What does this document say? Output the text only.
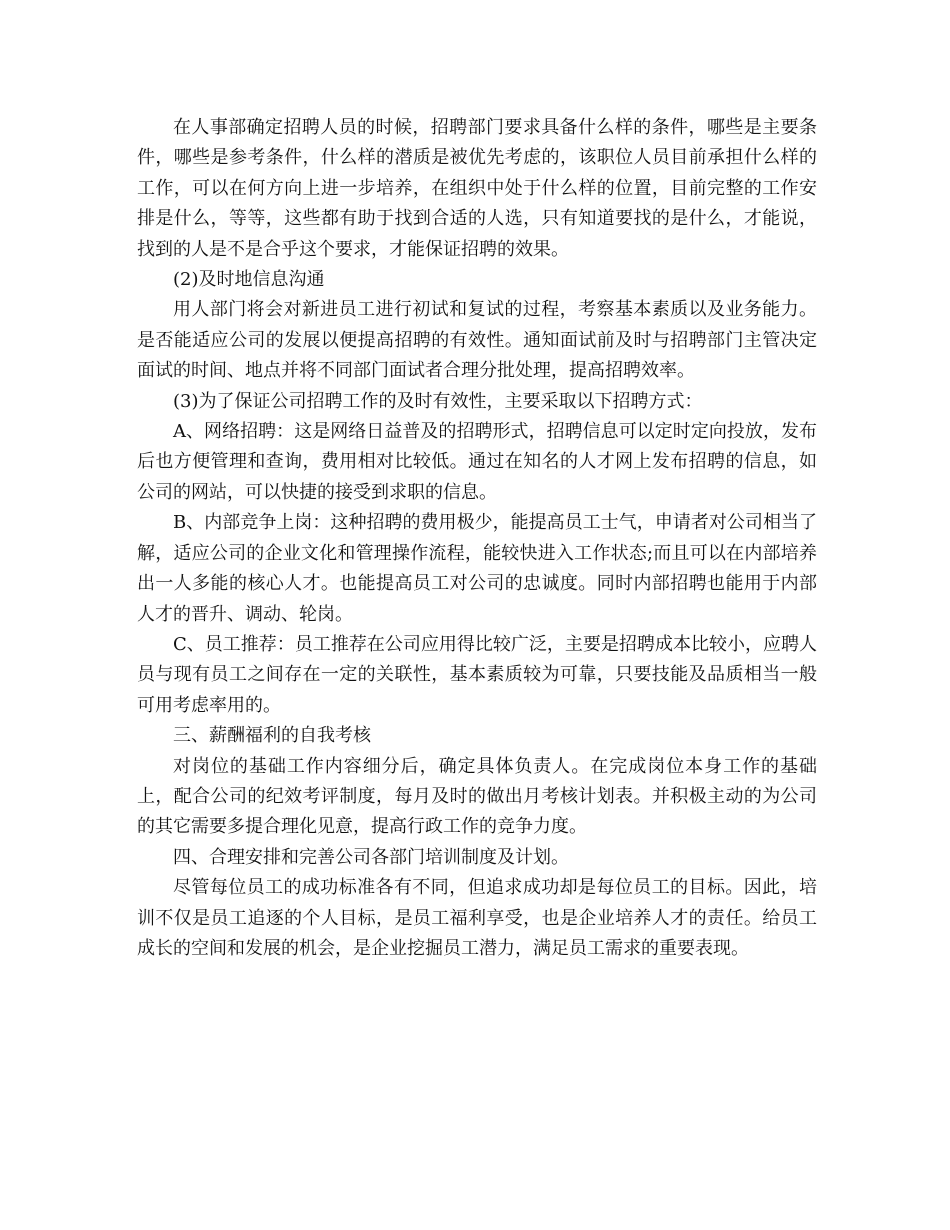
在人事部确定招聘人员的时候，招聘部门要求具备什么样的条件，哪些是主要条件，哪些是参考条件，什么样的潜质是被优先考虑的，该职位人员目前承担什么样的工作，可以在何方向上进一步培养，在组织中处于什么样的位置，目前完整的工作安排是什么，等等，这些都有助于找到合适的人选，只有知道要找的是什么，才能说，找到的人是不是合乎这个要求，才能保证招聘的效果。

(2)及时地信息沟通

用人部门将会对新进员工进行初试和复试的过程，考察基本素质以及业务能力。是否能适应公司的发展以便提高招聘的有效性。通知面试前及时与招聘部门主管决定面试的时间、地点并将不同部门面试者合理分批处理，提高招聘效率。

(3)为了保证公司招聘工作的及时有效性，主要采取以下招聘方式：

A、网络招聘：这是网络日益普及的招聘形式，招聘信息可以定时定向投放，发布后也方便管理和查询，费用相对比较低。通过在知名的人才网上发布招聘的信息，如公司的网站，可以快捷的接受到求职的信息。

B、内部竞争上岗：这种招聘的费用极少，能提高员工士气，申请者对公司相当了解，适应公司的企业文化和管理操作流程，能较快进入工作状态;而且可以在内部培养出一人多能的核心人才。也能提高员工对公司的忠诚度。同时内部招聘也能用于内部人才的晋升、调动、轮岗。

C、员工推荐：员工推荐在公司应用得比较广泛，主要是招聘成本比较小，应聘人员与现有员工之间存在一定的关联性，基本素质较为可靠，只要技能及品质相当一般可用考虑率用的。

三、薪酬福利的自我考核

对岗位的基础工作内容细分后，确定具体负责人。在完成岗位本身工作的基础上，配合公司的纪效考评制度，每月及时的做出月考核计划表。并积极主动的为公司的其它需要多提合理化见意，提高行政工作的竞争力度。

四、合理安排和完善公司各部门培训制度及计划。

尽管每位员工的成功标准各有不同，但追求成功却是每位员工的目标。因此，培训不仅是员工追逐的个人目标，是员工福利享受，也是企业培养人才的责任。给员工成长的空间和发展的机会，是企业挖掘员工潜力，满足员工需求的重要表现。
